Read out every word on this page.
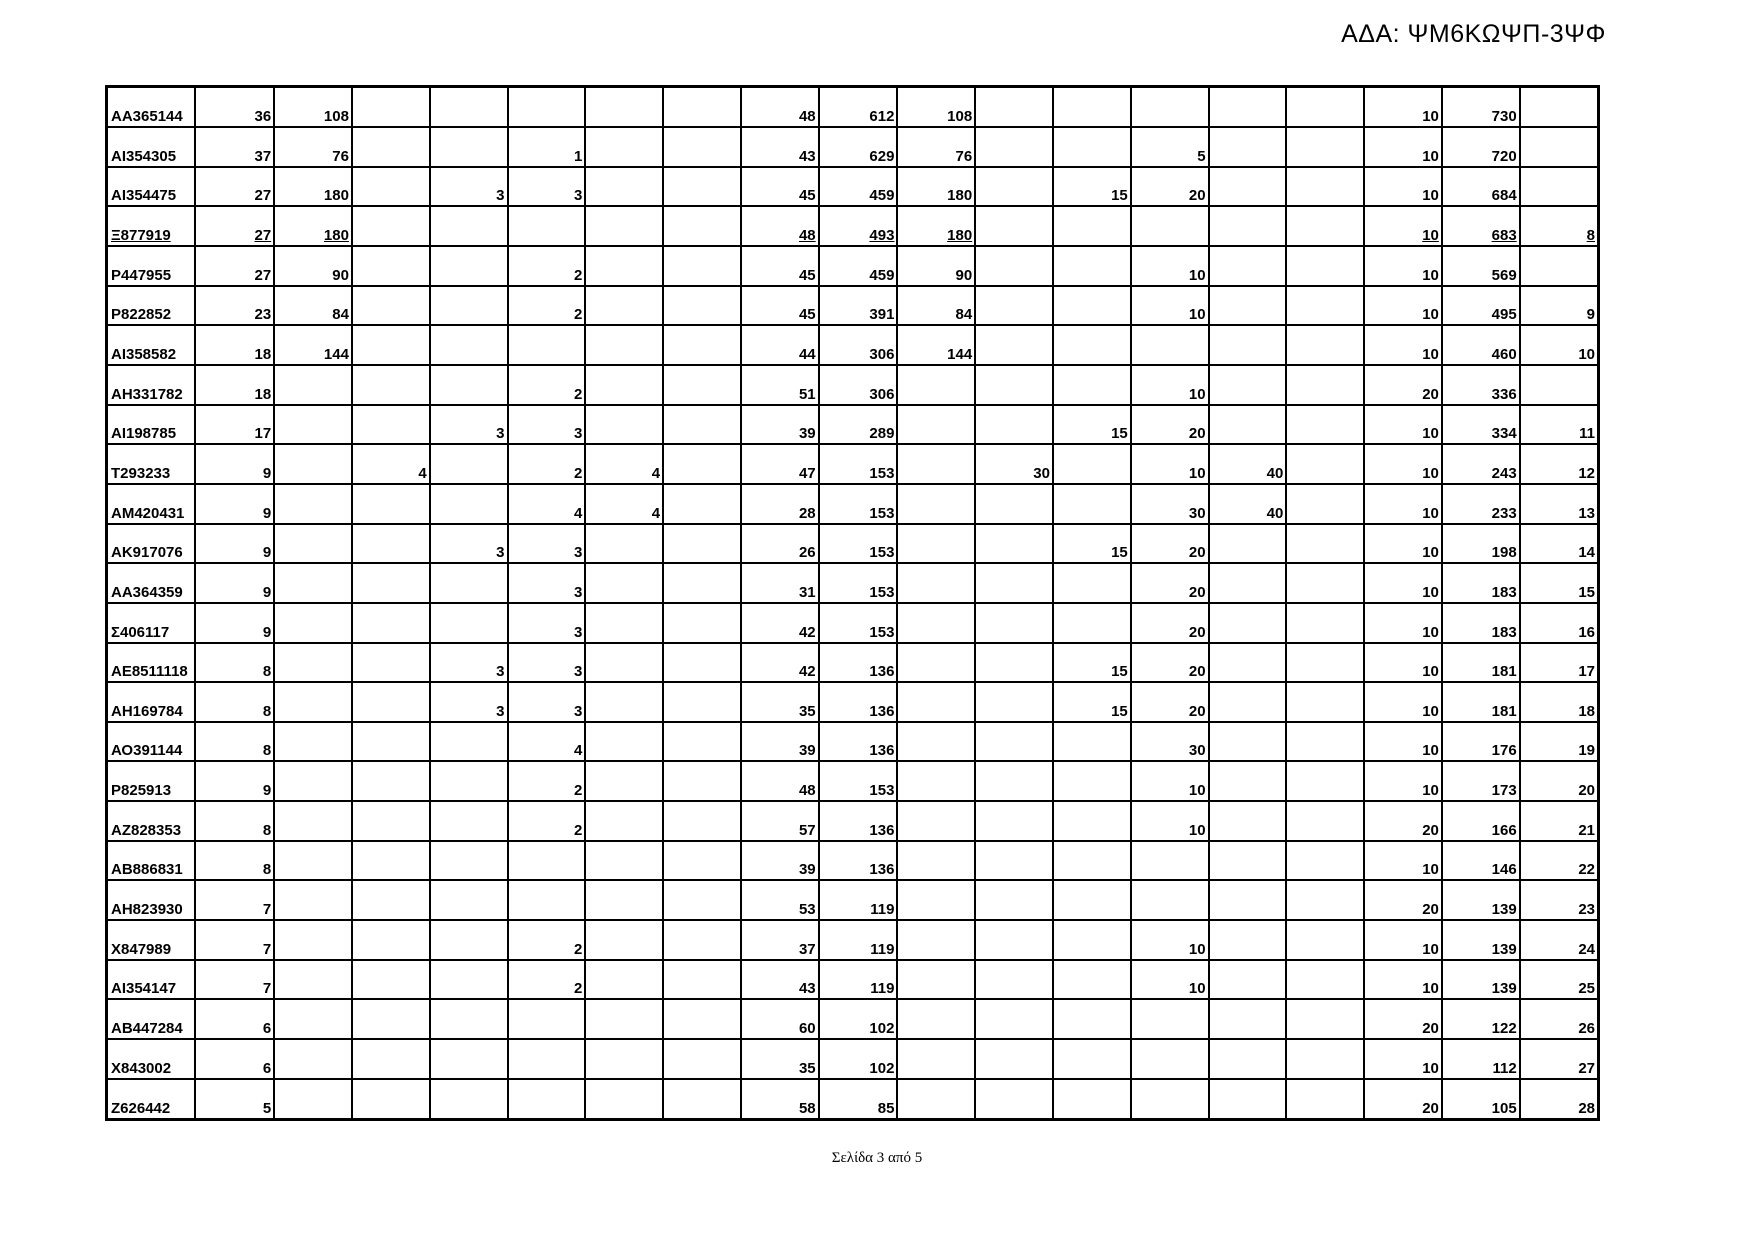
ΑΔΑ: ΨΜ6ΚΩΨΠ-3ΨΦ
ΑΑ365144	36	108						48	612	108						10	730	
ΑΙ354305	37	76			1			43	629	76			5			10	720	
ΑΙ354475	27	180		3	3			45	459	180		15	20			10	684	
Ξ877919	27	180						48	493	180						10	683	8
Ρ447955	27	90			2			45	459	90			10			10	569	
Ρ822852	23	84			2			45	391	84			10			10	495	9
ΑΙ358582	18	144						44	306	144						10	460	10
ΑΗ331782	18				2			51	306				10			20	336	
ΑΙ198785	17			3	3			39	289			15	20			10	334	11
Τ293233	9		4		2	4		47	153		30		10	40		10	243	12
ΑΜ420431	9				4	4		28	153				30	40		10	233	13
ΑΚ917076	9			3	3			26	153			15	20			10	198	14
ΑΑ364359	9				3			31	153				20			10	183	15
Σ406117	9				3			42	153				20			10	183	16
ΑΕ8511118	8			3	3			42	136			15	20			10	181	17
ΑΗ169784	8			3	3			35	136			15	20			10	181	18
ΑΟ391144	8				4			39	136				30			10	176	19
Ρ825913	9				2			48	153				10			10	173	20
ΑΖ828353	8				2			57	136				10			20	166	21
ΑΒ886831	8							39	136							10	146	22
ΑΗ823930	7							53	119							20	139	23
Χ847989	7				2			37	119				10			10	139	24
ΑΙ354147	7				2			43	119				10			10	139	25
ΑΒ447284	6							60	102							20	122	26
Χ843002	6							35	102							10	112	27
Ζ626442	5							58	85							20	105	28
Σελίδα 3 από 5
